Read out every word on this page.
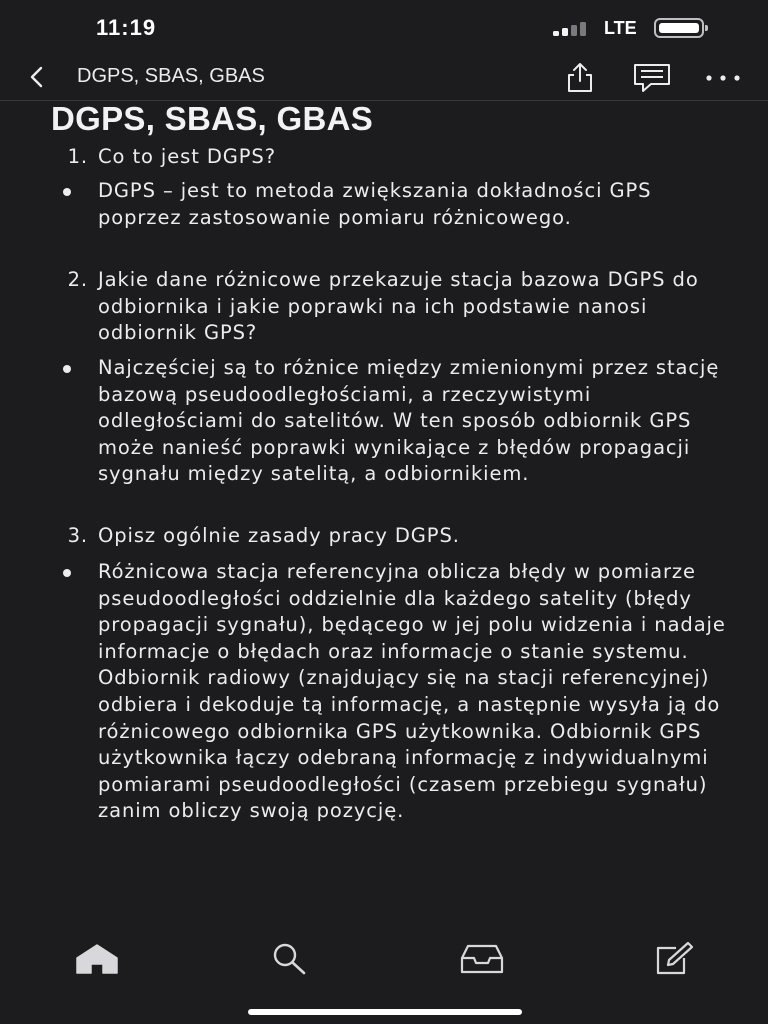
11:19	LTE
DGPS, SBAS, GBAS
DGPS, SBAS, GBAS
1. Co to jest DGPS?
DGPS – jest to metoda zwiększania dokładności GPS poprzez zastosowanie pomiaru różnicowego.
2. Jakie dane różnicowe przekazuje stacja bazowa DGPS do odbiornika i jakie poprawki na ich podstawie nanosi odbiornik GPS?
Najczęściej są to różnice między zmienionymi przez stację bazową pseudoodległościami, a rzeczywistymi odległościami do satelitów. W ten sposób odbiornik GPS może nanieść poprawki wynikające z błędów propagacji sygnału między satelitą, a odbiornikiem.
3. Opisz ogólnie zasady pracy DGPS.
Różnicowa stacja referencyjna oblicza błędy w pomiarze pseudoodległości oddzielnie dla każdego satelity (błędy propagacji sygnału), będącego w jej polu widzenia i nadaje informacje o błędach oraz informacje o stanie systemu. Odbiornik radiowy (znajdujący się na stacji referencyjnej) odbiera i dekoduje tą informację, a następnie wysyła ją do różnicowego odbiornika GPS użytkownika. Odbiornik GPS użytkownika łączy odebraną informację z indywidualnymi pomiarami pseudoodległości (czasem przebiegu sygnału) zanim obliczy swoją pozycję.
